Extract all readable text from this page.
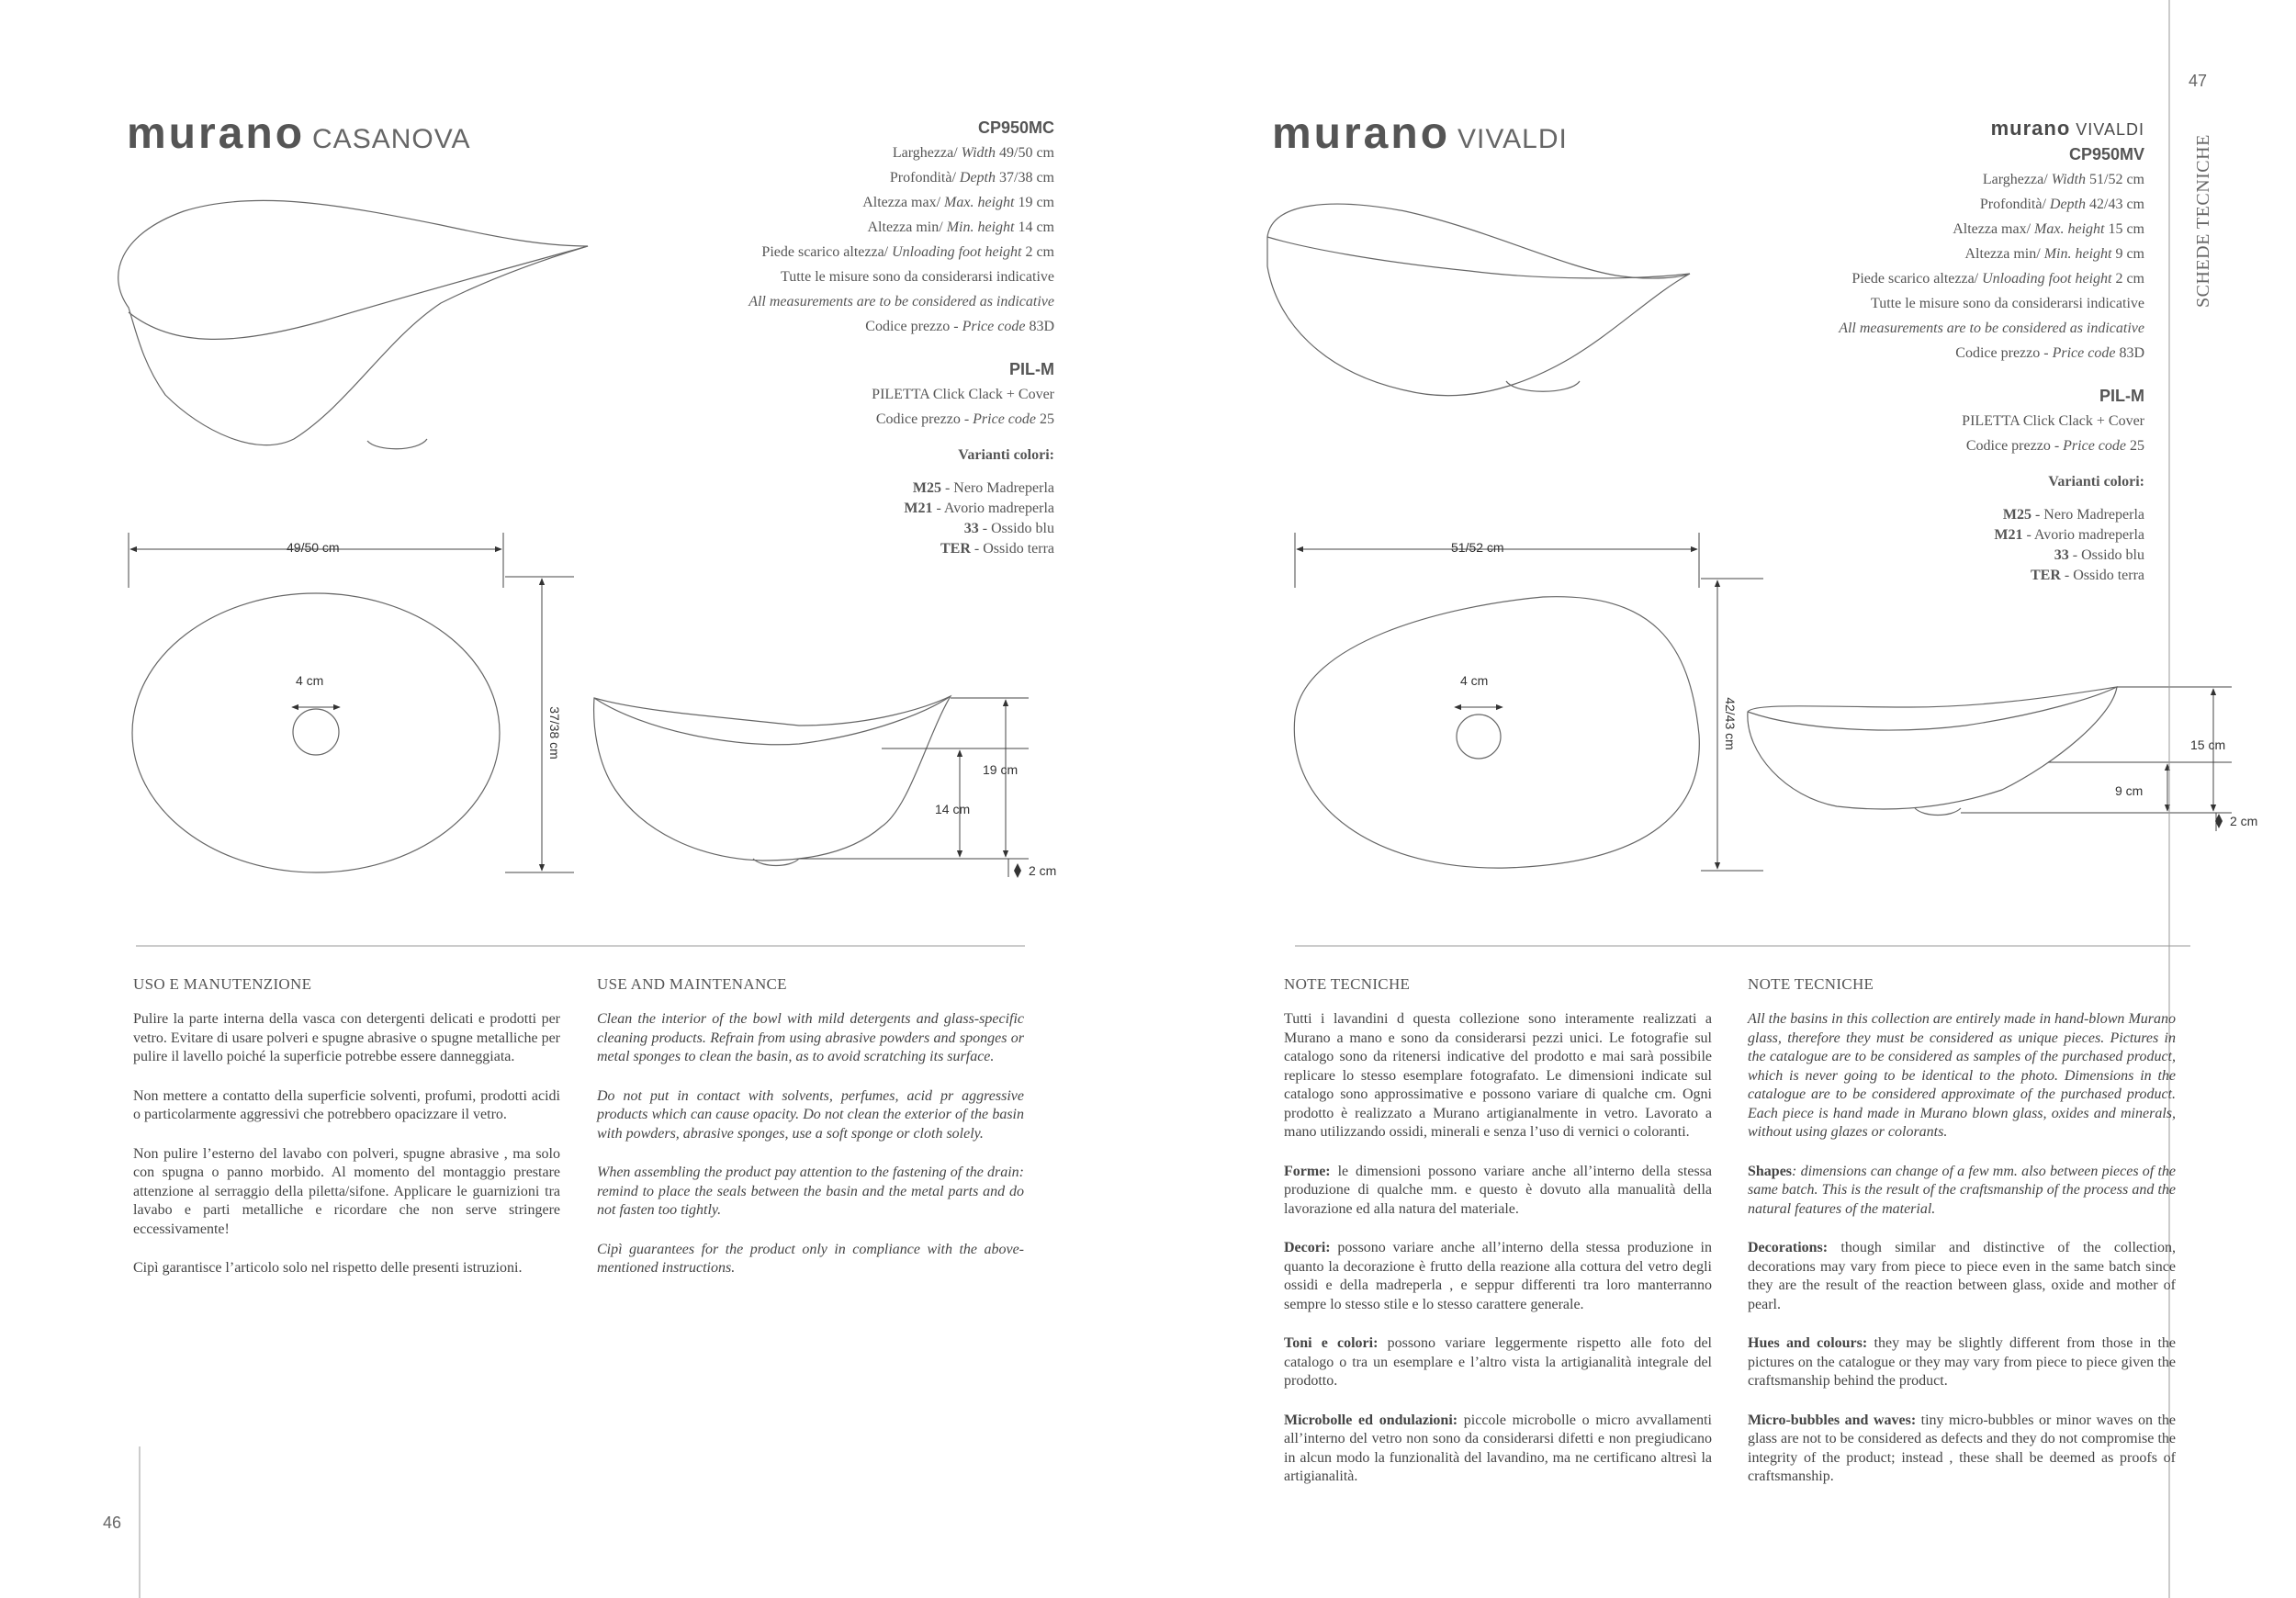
49/50 cm
4 cm
37/38 cm
19 cm
14 cm
2 cm
51/52 cm
4 cm
42/43 cm	15 cm
9 cm
2 cm
murano CASANOVA	CP950MC
Larghezza/ Width 49/50 cm
Profondità/ Depth 37/38 cm
Altezza max/ Max. height 19 cm
Altezza min/ Min. height 14 cm
Piede scarico altezza/ Unloading foot height 2 cm
Tutte le misure sono da considerarsi indicative
All measurements are to be considered as indicative
Codice prezzo - Price code 83D
PIL-M
PILETTA Click Clack + Cover
Codice prezzo - Price code 25
Varianti colori:
M25 - Nero Madreperla
M21 - Avorio madreperla
33 - Ossido blu
TER - Ossido terra
USO E MANUTENZIONE

Pulire la parte interna della vasca con detergenti delicati e prodotti per vetro. Evitare di usare polveri e spugne abrasive o spugne metalliche per pulire il lavello poiché la superficie potrebbe essere danneggiata.

Non mettere a contatto della superficie solventi, profumi, prodotti acidi o particolarmente aggressivi che potrebbero opacizzare il vetro.

Non pulire l’esterno del lavabo con polveri, spugne abrasive , ma solo con spugna o panno morbido. Al momento del montaggio prestare attenzione al serraggio della piletta/sifone. Applicare le guarnizioni tra lavabo e parti metalliche e ricordare che non serve stringere eccessivamente!

Cipì garantisce l’articolo solo nel rispetto delle presenti istruzioni.

USE AND MAINTENANCE

Clean the interior of the bowl with mild detergents and glass-specific cleaning products. Refrain from using abrasive powders and sponges or metal sponges to clean the basin, as to avoid scratching its surface.

Do not put in contact with solvents, perfumes, acid pr aggressive products which can cause opacity. Do not clean the exterior of the basin with powders, abrasive sponges, use a soft sponge or cloth solely.

When assembling the product pay attention to the fastening of the drain: remind to place the seals between the basin and the metal parts and do not fasten too tightly.

Cipì guarantees for the product only in compliance with the above-mentioned instructions.

46
murano VIVALDI	murano VIVALDI
CP950MV
Larghezza/ Width 51/52 cm
Profondità/ Depth 42/43 cm
Altezza max/ Max. height 15 cm
Altezza min/ Min. height 9 cm
Piede scarico altezza/ Unloading foot height 2 cm
Tutte le misure sono da considerarsi indicative
All measurements are to be considered as indicative
Codice prezzo - Price code 83D
PIL-M
PILETTA Click Clack + Cover
Codice prezzo - Price code 25
Varianti colori:
M25 - Nero Madreperla
M21 - Avorio madreperla
33 - Ossido blu
TER - Ossido terra
47
SCHEDE TECNICHE
NOTE TECNICHE

Tutti i lavandini d questa collezione sono interamente realizzati a Murano a mano e sono da considerarsi pezzi unici. Le fotografie sul catalogo sono da ritenersi indicative del prodotto e mai sarà possibile replicare lo stesso esemplare fotografato. Le dimensioni indicate sul catalogo sono approssimative e possono variare di qualche cm. Ogni prodotto è realizzato a Murano artigianalmente in vetro. Lavorato a mano utilizzando ossidi, minerali e senza l’uso di vernici o coloranti.

Forme: le dimensioni possono variare anche all’interno della stessa produzione di qualche mm. e questo è dovuto alla manualità della lavorazione ed alla natura del materiale.

Decori: possono variare anche all’interno della stessa produzione in quanto la decorazione è frutto della reazione alla cottura del vetro degli ossidi e della madreperla , e seppur differenti tra loro manterranno sempre lo stesso stile e lo stesso carattere generale.

Toni e colori: possono variare leggermente rispetto alle foto del catalogo o tra un esemplare e l’altro vista la artigianalità integrale del prodotto.

Microbolle ed ondulazioni: piccole microbolle o micro avvallamenti all’interno del vetro non sono da considerarsi difetti e non pregiudicano in alcun modo la funzionalità del lavandino, ma ne certificano altresì la artigianalità.

NOTE TECNICHE

All the basins in this collection are entirely made in hand-blown Murano glass, therefore they must be considered as unique pieces. Pictures in the catalogue are to be considered as samples of the purchased product, which is never going to be identical to the photo. Dimensions in the catalogue are to be considered approximate of the purchased product. Each piece is hand made in Murano blown glass, oxides and minerals, without using glazes or colorants.

Shapes: dimensions can change of a few mm. also between pieces of the same batch. This is the result of the craftsmanship of the process and the natural features of the material.

Decorations: though similar and distinctive of the collection, decorations may vary from piece to piece even in the same batch since they are the result of the reaction between glass, oxide and mother of pearl.

Hues and colours: they may be slightly different from those in the pictures on the catalogue or they may vary from piece to piece given the craftsmanship behind the product.

Micro-bubbles and waves: tiny micro-bubbles or minor waves on the glass are not to be considered as defects and they do not compromise the integrity of the product; instead , these shall be deemed as proofs of craftsmanship.
